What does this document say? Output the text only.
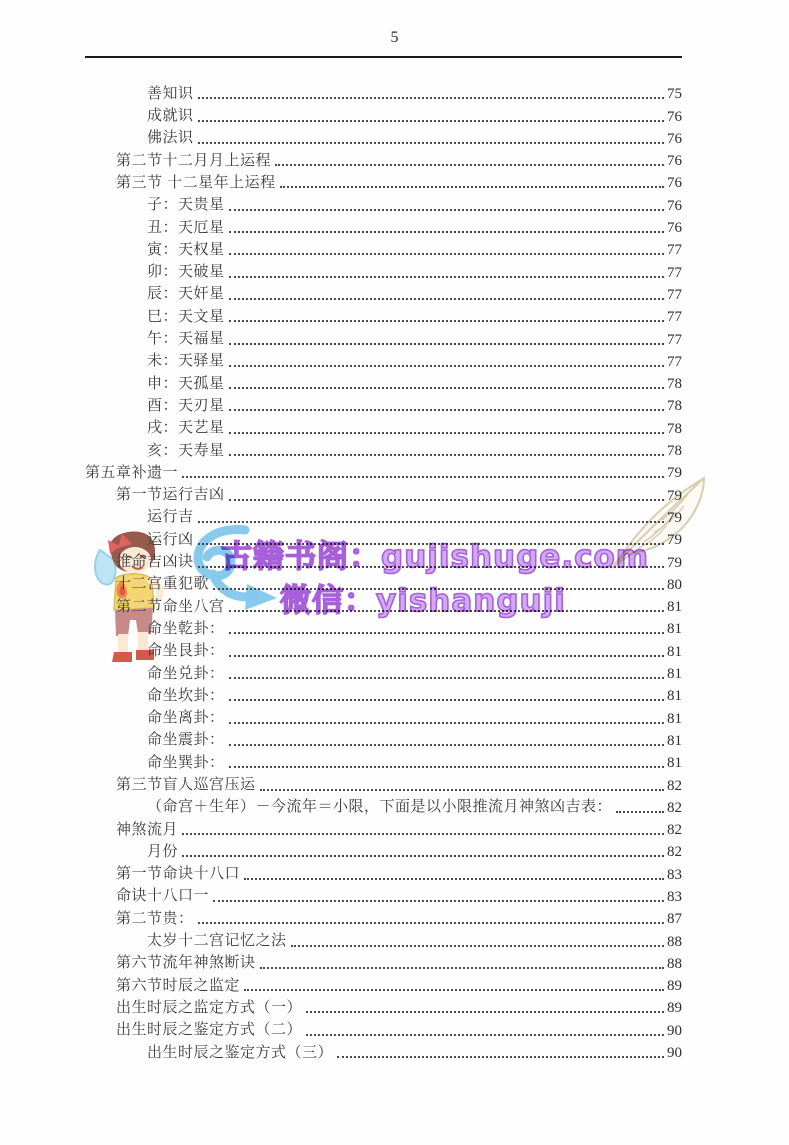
5
善知识	75
成就识	76
佛法识	76
第二节十二月月上运程	76
第三节 十二星年上运程	76
子：天贵星	76
丑：天厄星	76
寅：天权星	77
卯：天破星	77
辰：天奸星	77
巳：天文星	77
午：天福星	77
未：天驿星	77
申：天孤星	78
酉：天刃星	78
戌：天艺星	78
亥：天寿星	78
第五章补遗一	79
第一节运行吉凶	79
运行吉	79
运行凶	79
推命吉凶诀	79
十二宫重犯歌	80
第二节命坐八宫	81
命坐乾卦：	81
命坐艮卦：	81
命坐兑卦：	81
命坐坎卦：	81
命坐离卦：	81
命坐震卦：	81
命坐巽卦：	81
第三节盲人巡宫压运	82
（命宫＋生年）－今流年＝小限，下面是以小限推流月神煞凶吉表：	82
神煞流月	82
月份	82
第一节命诀十八口	83
命诀十八口一	83
第二节贵：	87
太岁十二宫记忆之法	88
第六节流年神煞断诀	88
第六节时辰之监定	89
出生时辰之监定方式（一）	89
出生时辰之鉴定方式（二）	90
出生时辰之鉴定方式（三）	90
古籍书阁：gujishuge.com
微信：yishanguji
